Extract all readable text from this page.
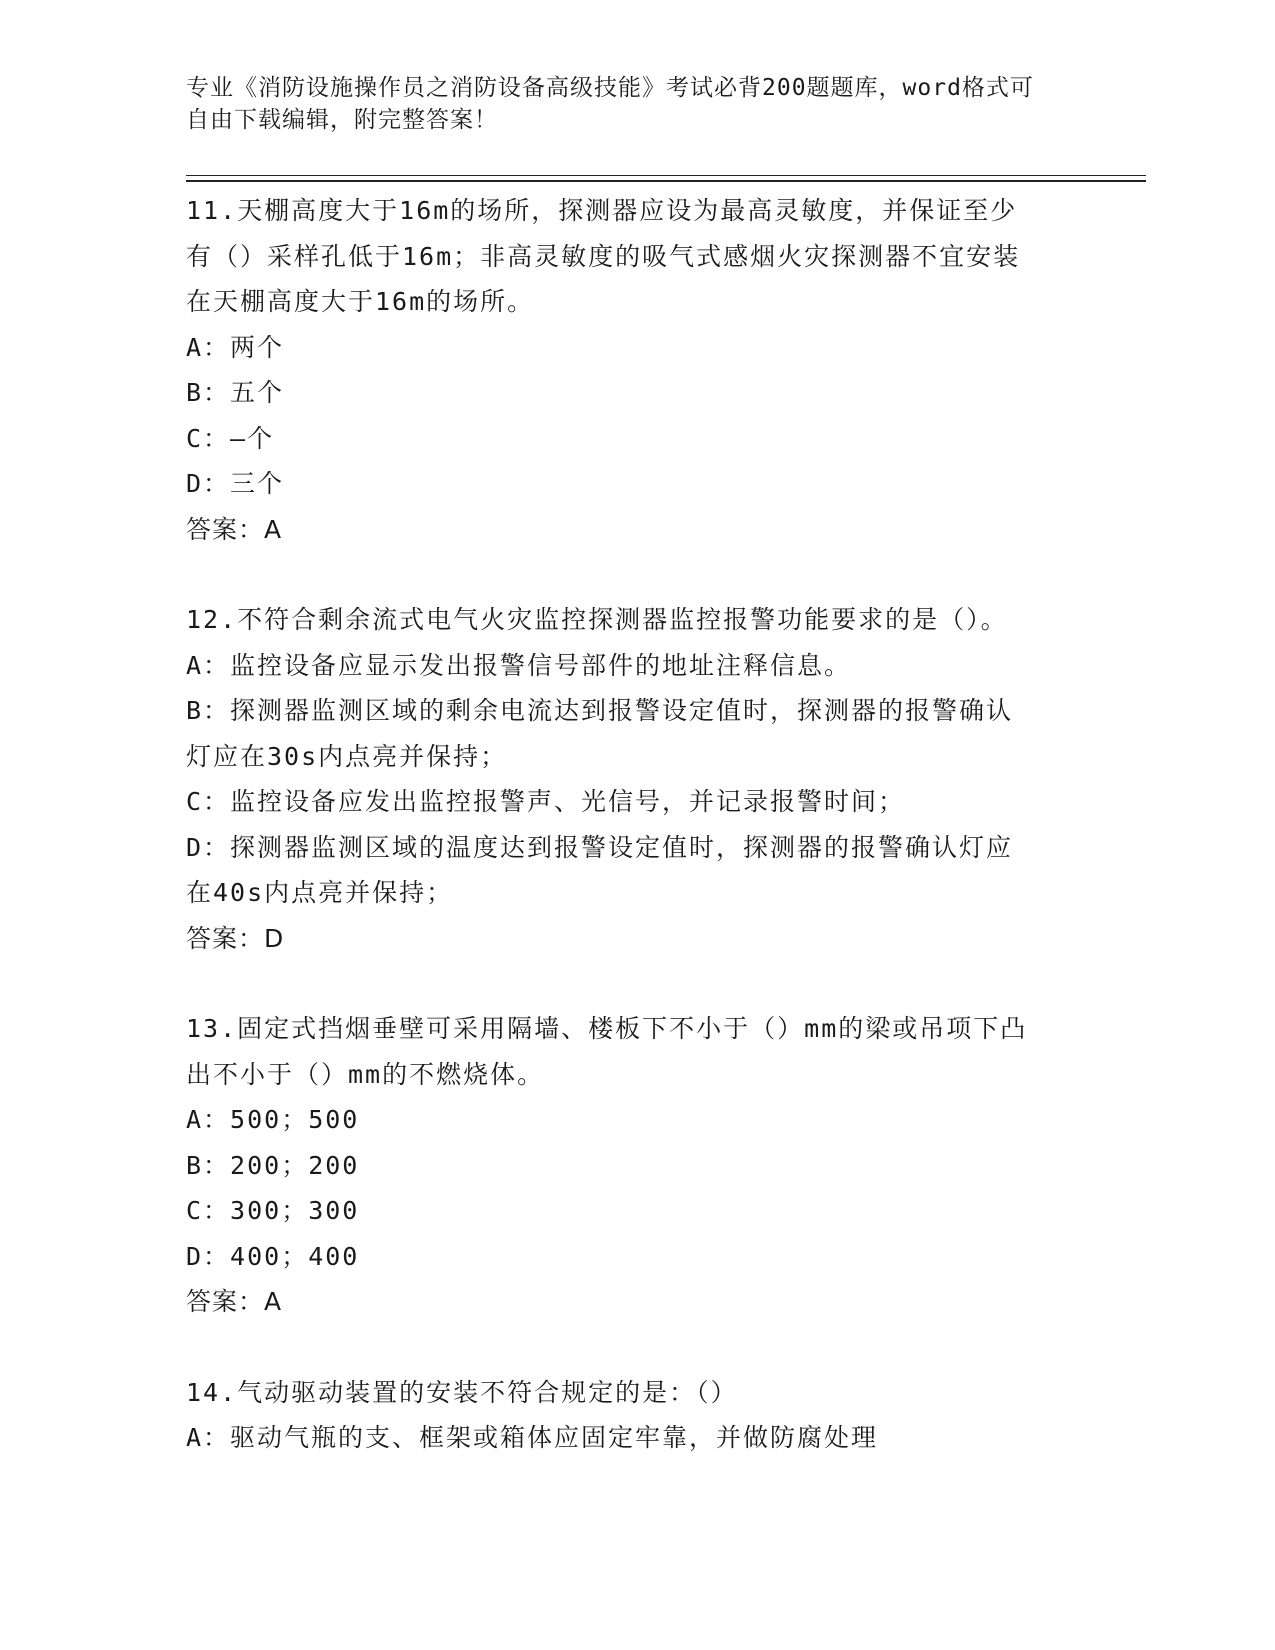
专业《消防设施操作员之消防设备高级技能》考试必背200题题库，word格式可
自由下载编辑，附完整答案！
11.天棚高度大于16m的场所，探测器应设为最高灵敏度，并保证至少
有（）采样孔低于16m；非高灵敏度的吸气式感烟火灾探测器不宜安装
在天棚高度大于16m的场所。
A：两个
B：五个
C：—个
D：三个
答案：A
12.不符合剩余流式电气火灾监控探测器监控报警功能要求的是（）。
A：监控设备应显示发出报警信号部件的地址注释信息。
B：探测器监测区域的剩余电流达到报警设定值时，探测器的报警确认
灯应在30s内点亮并保持；
C：监控设备应发出监控报警声、光信号，并记录报警时间；
D：探测器监测区域的温度达到报警设定值时，探测器的报警确认灯应
在40s内点亮并保持；
答案：D
13.固定式挡烟垂壁可采用隔墙、楼板下不小于（）mm的梁或吊项下凸
出不小于（）mm的不燃烧体。
A：500；500
B：200；200
C：300；300
D：400；400
答案：A
14.气动驱动装置的安装不符合规定的是：（）
A：驱动气瓶的支、框架或箱体应固定牢靠，并做防腐处理
